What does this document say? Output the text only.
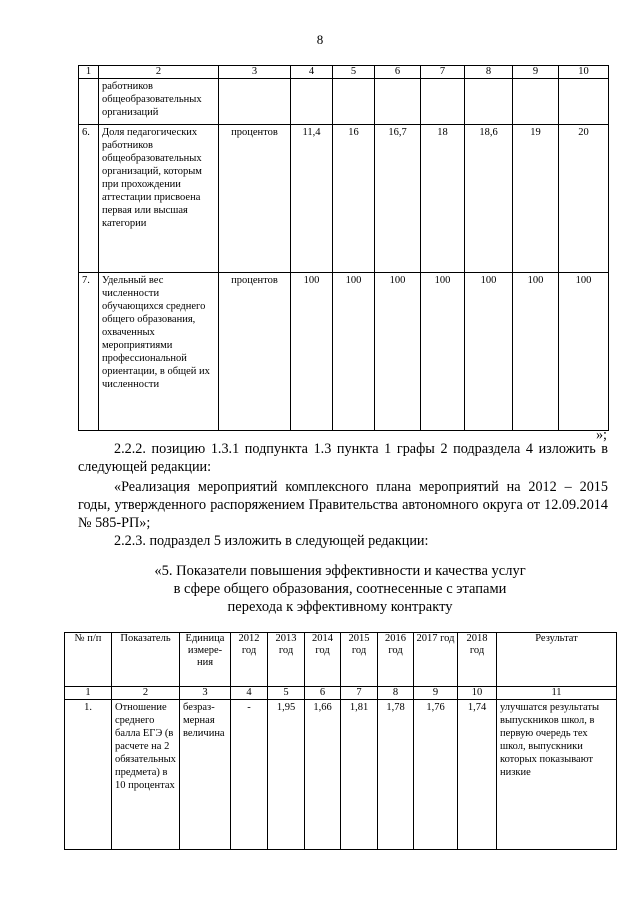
8
1	2	3	4	5	6	7	8	9	10
	работников общеобразовательных организаций								
6.	Доля педагогических работников общеобразовательных организаций, которым при прохождении аттестации присвоена первая или высшая категории	процентов	11,4	16	16,7	18	18,6	19	20
7.	Удельный вес численности обучающихся среднего общего образования, охваченных мероприятиями профессиональной ориентации, в общей их численности	процентов	100	100	100	100	100	100	100
»;

2.2.2. позицию 1.3.1 подпункта 1.3 пункта 1 графы 2 подраздела 4 изложить в следующей редакции:

«Реализация мероприятий комплексного плана мероприятий на 2012 – 2015 годы, утвержденного распоряжением Правительства автономного округа от 12.09.2014 № 585-РП»;

2.2.3. подраздел 5 изложить в следующей редакции:

«5. Показатели повышения эффективности и качества услуг
в сфере общего образования, соотнесенные с этапами
перехода к эффективному контракту
№ п/п	Показатель	Единица измерения	2012 год	2013 год	2014 год	2015 год	2016 год	2017 год	2018 год	Результат
1	2	3	4	5	6	7	8	9	10	11
1.	Отношение среднего балла ЕГЭ (в расчете на 2 обязательных предмета) в 10 процентах	безразмерная величина	-	1,95	1,66	1,81	1,78	1,76	1,74	улучшатся результаты выпускников школ, в первую очередь тех школ, выпускники которых показывают низкие
